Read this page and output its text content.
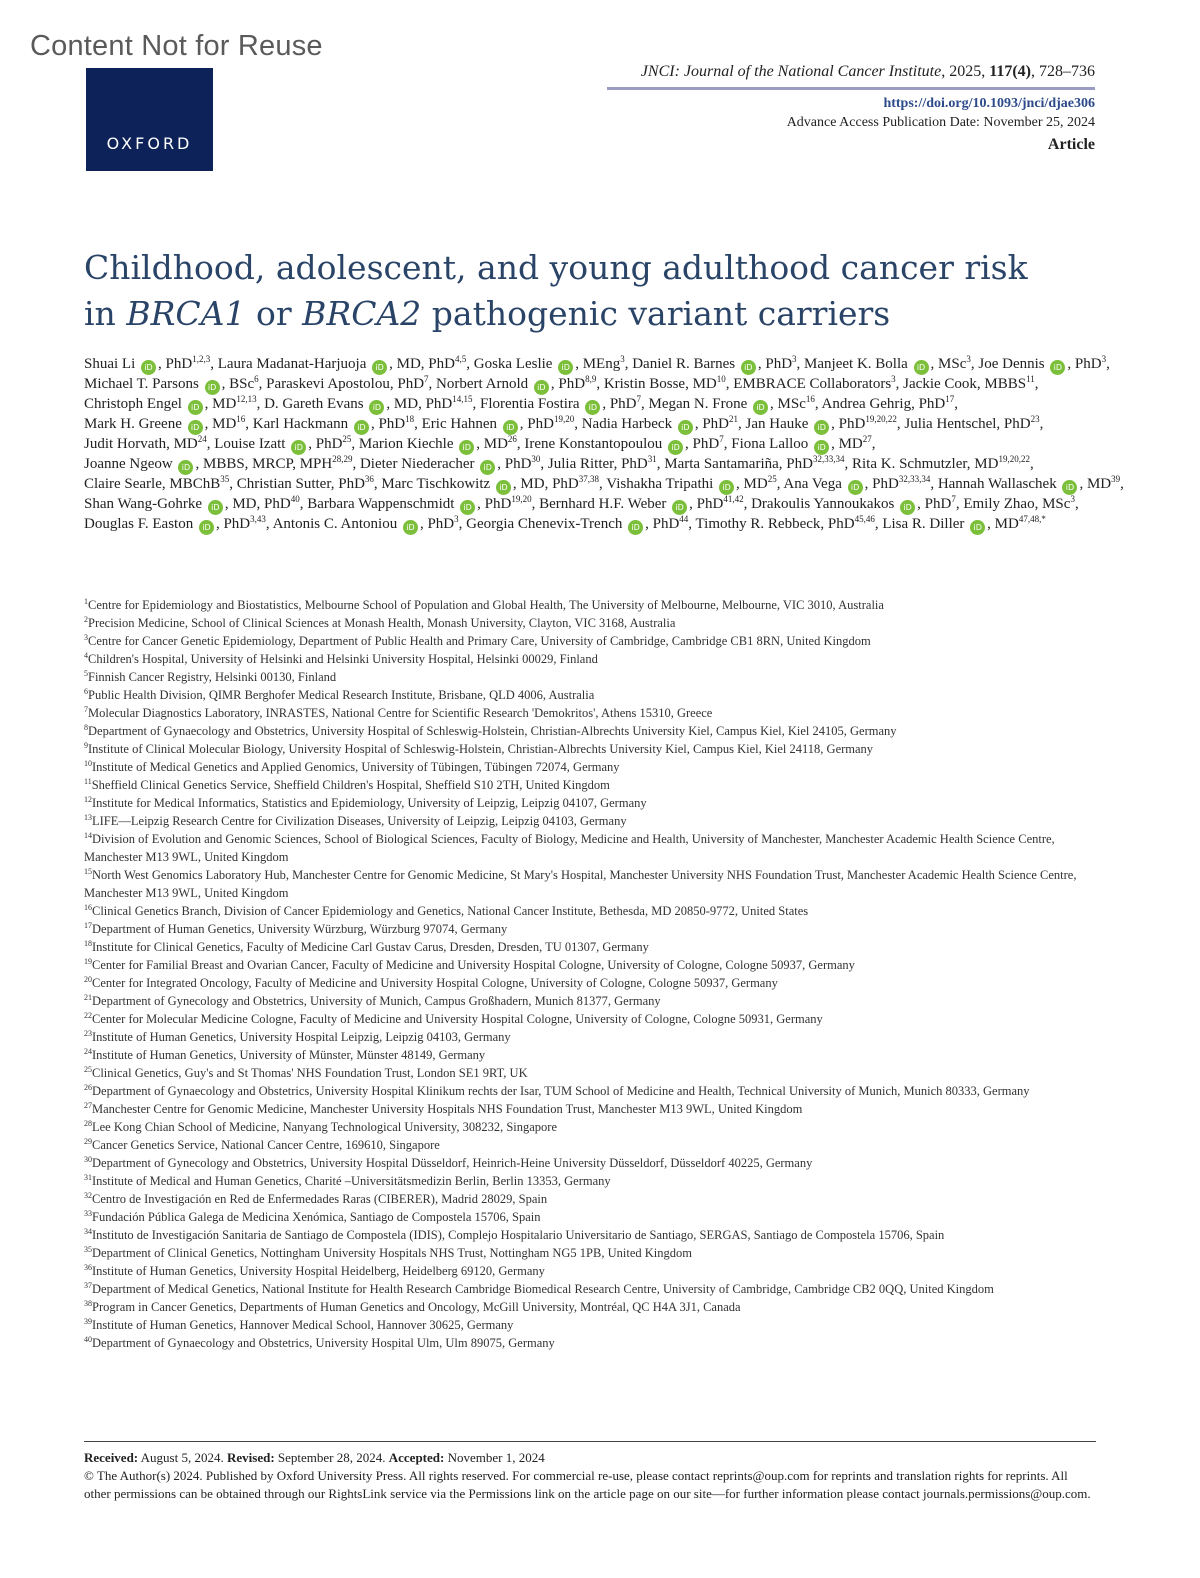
Content Not for Reuse
OXFORD
JNCI: Journal of the National Cancer Institute, 2025, 117(4), 728–736
https://doi.org/10.1093/jnci/djae306
Advance Access Publication Date: November 25, 2024
Article
Childhood, adolescent, and young adulthood cancer risk
in BRCA1 or BRCA2 pathogenic variant carriers
Shuai Li iD , PhD$^{1,2,3}$, Laura Madanat-Harjuoja iD , MD, PhD$^{4,5}$, Goska Leslie iD , MEng$^3$, Daniel R. Barnes iD , PhD$^3$, Manjeet K. Bolla iD , MSc$^3$, Joe Dennis iD , PhD$^3$, Michael T. Parsons iD , BSc$^6$, Paraskevi Apostolou, PhD$^7$, Norbert Arnold iD , PhD$^{8,9}$, Kristin Bosse, MD$^{10}$, EMBRACE Collaborators$^3$, Jackie Cook, MBBS$^{11}$, Christoph Engel iD , MD$^{12,13}$, D. Gareth Evans iD , MD, PhD$^{14,15}$, Florentia Fostira iD , PhD$^7$, Megan N. Frone iD , MSc$^{16}$, Andrea Gehrig, PhD$^{17}$, Mark H. Greene iD , MD$^{16}$, Karl Hackmann iD , PhD$^{18}$, Eric Hahnen iD , PhD$^{19,20}$, Nadia Harbeck iD , PhD$^{21}$, Jan Hauke iD , PhD$^{19,20,22}$, Julia Hentschel, PhD$^{23}$, Judit Horvath, MD$^{24}$, Louise Izatt iD , PhD$^{25}$, Marion Kiechle iD , MD$^{26}$, Irene Konstantopoulou iD , PhD$^7$, Fiona Lalloo iD , MD$^{27}$, Joanne Ngeow iD , MBBS, MRCP, MPH$^{28,29}$, Dieter Niederacher iD , PhD$^{30}$, Julia Ritter, PhD$^{31}$, Marta Santamariña, PhD$^{32,33,34}$, Rita K. Schmutzler, MD$^{19,20,22}$, Claire Searle, MBChB$^{35}$, Christian Sutter, PhD$^{36}$, Marc Tischkowitz iD , MD, PhD$^{37,38}$, Vishakha Tripathi iD , MD$^{25}$, Ana Vega iD , PhD$^{32,33,34}$, Hannah Wallaschek iD , MD$^{39}$, Shan Wang-Gohrke iD , MD, PhD$^{40}$, Barbara Wappenschmidt iD , PhD$^{19,20}$, Bernhard H.F. Weber iD , PhD$^{41,42}$, Drakoulis Yannoukakos iD , PhD$^7$, Emily Zhao, MSc$^3$, Douglas F. Easton iD , PhD$^{3,43}$, Antonis C. Antoniou iD , PhD$^3$, Georgia Chenevix-Trench iD , PhD$^{44}$, Timothy R. Rebbeck, PhD$^{45,46}$, Lisa R. Diller iD , $MD^{47,48,*}$

$^1$Centre for Epidemiology and Biostatistics, Melbourne School of Population and Global Health, The University of Melbourne, Melbourne, VIC 3010, Australia

$^2$Precision Medicine, School of Clinical Sciences at Monash Health, Monash University, Clayton, VIC 3168, Australia

$^3$Centre for Cancer Genetic Epidemiology, Department of Public Health and Primary Care, University of Cambridge, Cambridge CB1 8RN, United Kingdom

$^4$Children's Hospital, University of Helsinki and Helsinki University Hospital, Helsinki 00029, Finland

$^5$Finnish Cancer Registry, Helsinki 00130, Finland

$^6$Public Health Division, QIMR Berghofer Medical Research Institute, Brisbane, QLD 4006, Australia

$^7$Molecular Diagnostics Laboratory, INRASTES, National Centre for Scientific Research 'Demokritos', Athens 15310, Greece

$^8$Department of Gynaecology and Obstetrics, University Hospital of Schleswig-Holstein, Christian-Albrechts University Kiel, Campus Kiel, Kiel 24105, Germany

$^9$Institute of Clinical Molecular Biology, University Hospital of Schleswig-Holstein, Christian-Albrechts University Kiel, Campus Kiel, Kiel 24118, Germany

$^{10}$Institute of Medical Genetics and Applied Genomics, University of Tübingen, Tübingen 72074, Germany

$^{11}$Sheffield Clinical Genetics Service, Sheffield Children's Hospital, Sheffield S10 2TH, United Kingdom

$^{12}$Institute for Medical Informatics, Statistics and Epidemiology, University of Leipzig, Leipzig 04107, Germany

$^{13}$LIFE—Leipzig Research Centre for Civilization Diseases, University of Leipzig, Leipzig 04103, Germany

$^{14}$Division of Evolution and Genomic Sciences, School of Biological Sciences, Faculty of Biology, Medicine and Health, University of Manchester, Manchester Academic Health Science Centre, Manchester M13 9WL, United Kingdom

$^{15}$North West Genomics Laboratory Hub, Manchester Centre for Genomic Medicine, St Mary's Hospital, Manchester University NHS Foundation Trust, Manchester Academic Health Science Centre, Manchester M13 9WL, United Kingdom

$^{16}$Clinical Genetics Branch, Division of Cancer Epidemiology and Genetics, National Cancer Institute, Bethesda, MD 20850-9772, United States

$^{17}$Department of Human Genetics, University Würzburg, Würzburg 97074, Germany

$^{18}$Institute for Clinical Genetics, Faculty of Medicine Carl Gustav Carus, Dresden, Dresden, TU 01307, Germany

$^{19}$Center for Familial Breast and Ovarian Cancer, Faculty of Medicine and University Hospital Cologne, University of Cologne, Cologne 50937, Germany

$^{20}$Center for Integrated Oncology, Faculty of Medicine and University Hospital Cologne, University of Cologne, Cologne 50937, Germany

$^{21}$Department of Gynecology and Obstetrics, University of Munich, Campus Großhadern, Munich 81377, Germany

$^{22}$Center for Molecular Medicine Cologne, Faculty of Medicine and University Hospital Cologne, University of Cologne, Cologne 50931, Germany

$^{23}$Institute of Human Genetics, University Hospital Leipzig, Leipzig 04103, Germany

$^{24}$Institute of Human Genetics, University of Münster, Münster 48149, Germany

$^{25}$Clinical Genetics, Guy's and St Thomas' NHS Foundation Trust, London SE1 9RT, UK

$^{26}$Department of Gynaecology and Obstetrics, University Hospital Klinikum rechts der Isar, TUM School of Medicine and Health, Technical University of Munich, Munich 80333, Germany

$^{27}$Manchester Centre for Genomic Medicine, Manchester University Hospitals NHS Foundation Trust, Manchester M13 9WL, United Kingdom

$^{28}$Lee Kong Chian School of Medicine, Nanyang Technological University, 308232, Singapore

$^{29}$Cancer Genetics Service, National Cancer Centre, 169610, Singapore

$^{30}$Department of Gynecology and Obstetrics, University Hospital Düsseldorf, Heinrich-Heine University Düsseldorf, Düsseldorf 40225, Germany

$^{31}$Institute of Medical and Human Genetics, Charité –Universitätsmedizin Berlin, Berlin 13353, Germany

$^{32}$Centro de Investigación en Red de Enfermedades Raras (CIBERER), Madrid 28029, Spain

$^{33}$Fundación Pública Galega de Medicina Xenómica, Santiago de Compostela 15706, Spain

$^{34}$Instituto de Investigación Sanitaria de Santiago de Compostela (IDIS), Complejo Hospitalario Universitario de Santiago, SERGAS, Santiago de Compostela 15706, Spain

$^{35}$Department of Clinical Genetics, Nottingham University Hospitals NHS Trust, Nottingham NG5 1PB, United Kingdom

$^{36}$Institute of Human Genetics, University Hospital Heidelberg, Heidelberg 69120, Germany

$^{37}$Department of Medical Genetics, National Institute for Health Research Cambridge Biomedical Research Centre, University of Cambridge, Cambridge CB2 0QQ, United Kingdom

$^{38}$Program in Cancer Genetics, Departments of Human Genetics and Oncology, McGill University, Montréal, QC H4A 3J1, Canada

$^{39}$Institute of Human Genetics, Hannover Medical School, Hannover 30625, Germany

$^{40}$Department of Gynaecology and Obstetrics, University Hospital Ulm, Ulm 89075, Germany

Received: August 5, 2024. Revised: September 28, 2024. Accepted: November 1, 2024

© The Author(s) 2024. Published by Oxford University Press. All rights reserved. For commercial re-use, please contact reprints@oup.com for reprints and translation rights for reprints. All other permissions can be obtained through our RightsLink service via the Permissions link on the article page on our site—for further information please contact journals.permissions@oup.com.
